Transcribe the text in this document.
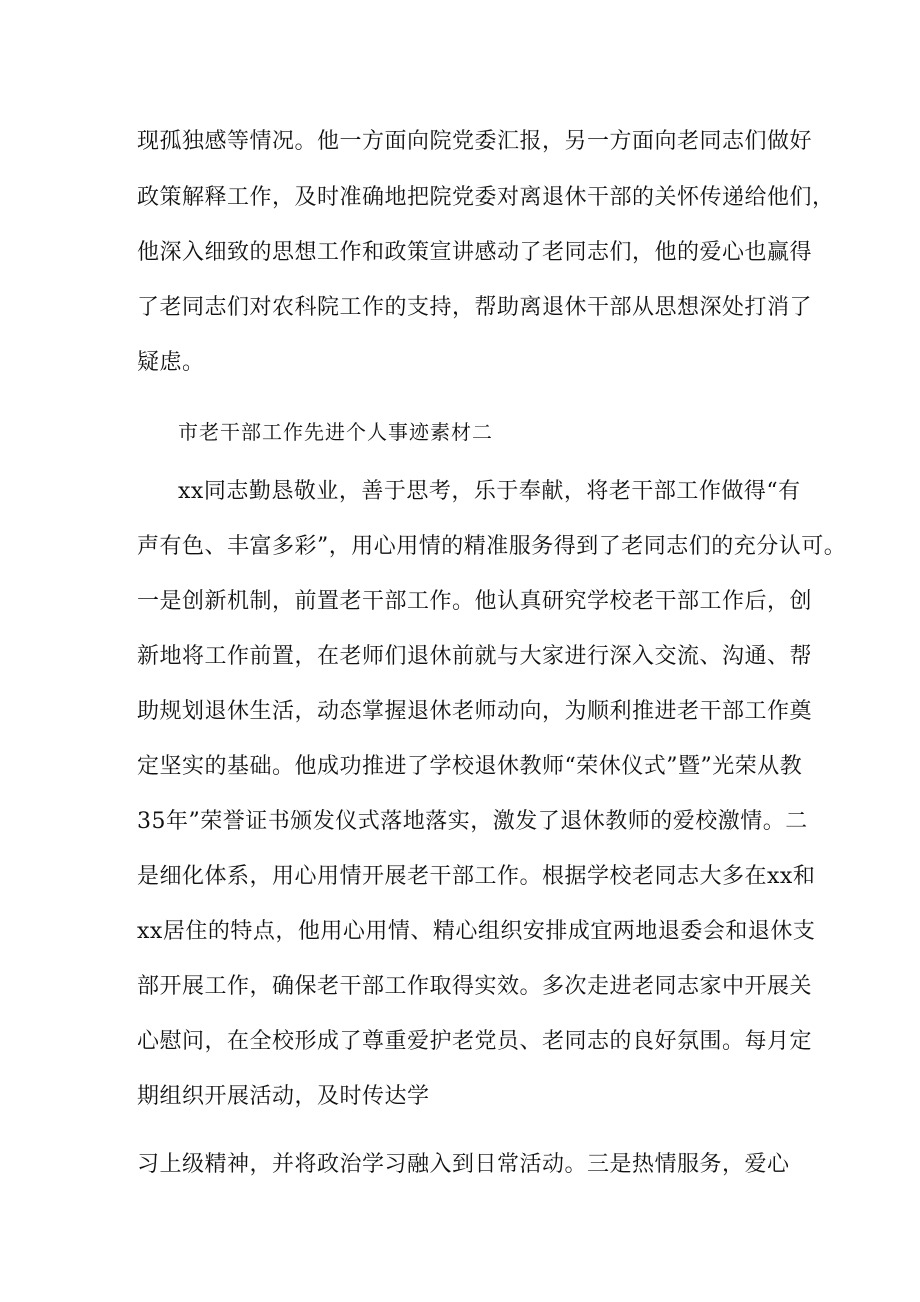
现孤独感等情况。他一方面向院党委汇报，另一方面向老同志们做好
政策解释工作，及时准确地把院党委对离退休干部的关怀传递给他们，
他深入细致的思想工作和政策宣讲感动了老同志们，他的爱心也赢得
了老同志们对农科院工作的支持，帮助离退休干部从思想深处打消了
疑虑。
市老干部工作先进个人事迹素材二
xx同志勤恳敬业，善于思考，乐于奉献，将老干部工作做得“有
声有色、丰富多彩”，用心用情的精准服务得到了老同志们的充分认可。
一是创新机制，前置老干部工作。他认真研究学校老干部工作后，创
新地将工作前置，在老师们退休前就与大家进行深入交流、沟通、帮
助规划退休生活，动态掌握退休老师动向，为顺利推进老干部工作奠
定坚实的基础。他成功推进了学校退休教师“荣休仪式”暨”光荣从教
35年”荣誉证书颁发仪式落地落实，激发了退休教师的爱校激情。二
是细化体系，用心用情开展老干部工作。根据学校老同志大多在xx和
xx居住的特点，他用心用情、精心组织安排成宜两地退委会和退休支
部开展工作，确保老干部工作取得实效。多次走进老同志家中开展关
心慰问，在全校形成了尊重爱护老党员、老同志的良好氛围。每月定
期组织开展活动，及时传达学
习上级精神，并将政治学习融入到日常活动。三是热情服务，爱心
